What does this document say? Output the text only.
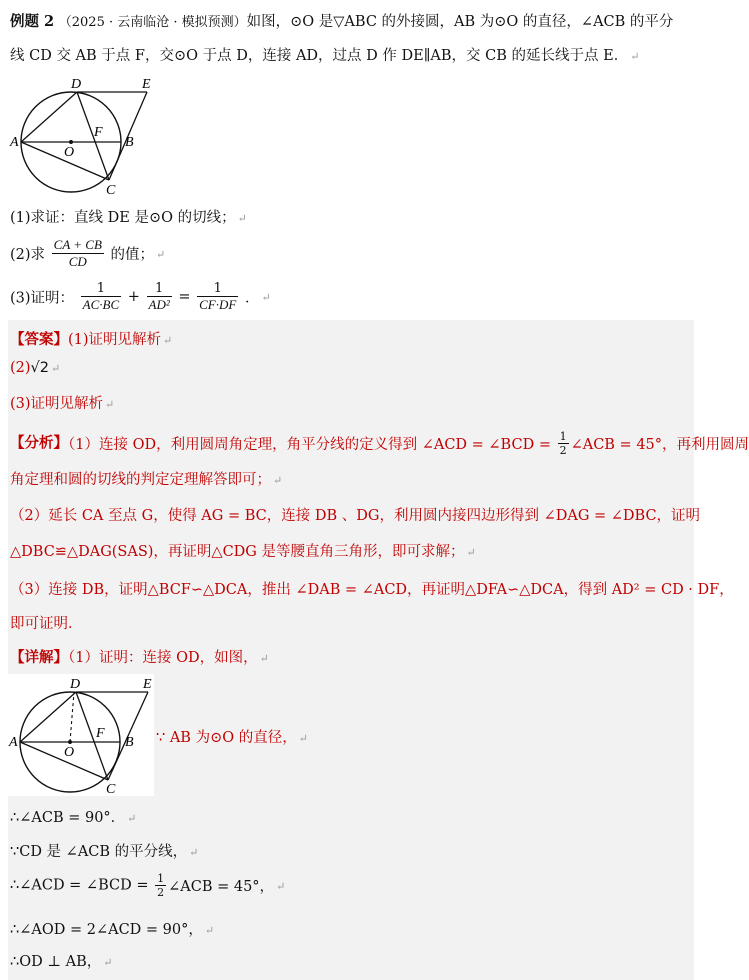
例题 2 （2025 · 云南临沧 · 模拟预测）如图，⊙O 是▽ABC 的外接圆，AB 为⊙O 的直径，∠ACB 的平分
线 CD 交 AB 于点 F，交⊙O 于点 D，连接 AD，过点 D 作 DE∥AB，交 CB 的延长线于点 E． ↵
A
D	E
F
O
B
C
(1)求证：直线 DE 是⊙O 的切线； ↵
(2)求 $\frac{CA + CB}{CD}$ 的值； ↵
(3)证明： $\frac{1}{AC\cdot BC} + \frac{1}{\text{AD²}} = \frac{1}{CF\cdot DF}$ ． ↵
【答案】(1)证明见解析 ↵
(2)√2 ↵
(3)证明见解析 ↵
【分析】（1）连接 OD，利用圆周角定理，角平分线的定义得到 ∠ACD = ∠BCD = $\frac{1}{2}$ ∠ACB = 45°，再利用圆周
角定理和圆的切线的判定定理解答即可； ↵
（2）延长 CA 至点 G，使得 AG = BC，连接 DB 、DG，利用圆内接四边形得到 ∠DAG = ∠DBC，证明
△DBC≌△DAG(SAS)，再证明△CDG 是等腰直角三角形，即可求解； ↵
（3）连接 DB，证明△BCF∽△DCA，推出 ∠DAB = ∠ACD，再证明△DFA∽△DCA，得到 AD² = CD · DF，
即可证明．
【详解】（1）证明：连接 OD，如图， ↵
A
D	E
F
O
B
C
∵ AB 为⊙O 的直径， ↵
∴∠ACB = 90°． ↵
∵CD 是 ∠ACB 的平分线， ↵
∴∠ACD = ∠BCD = $\frac{1}{2}$ ∠ACB = 45°， ↵
∴∠AOD = 2∠ACD = 90°， ↵
∴OD ⊥ AB， ↵
